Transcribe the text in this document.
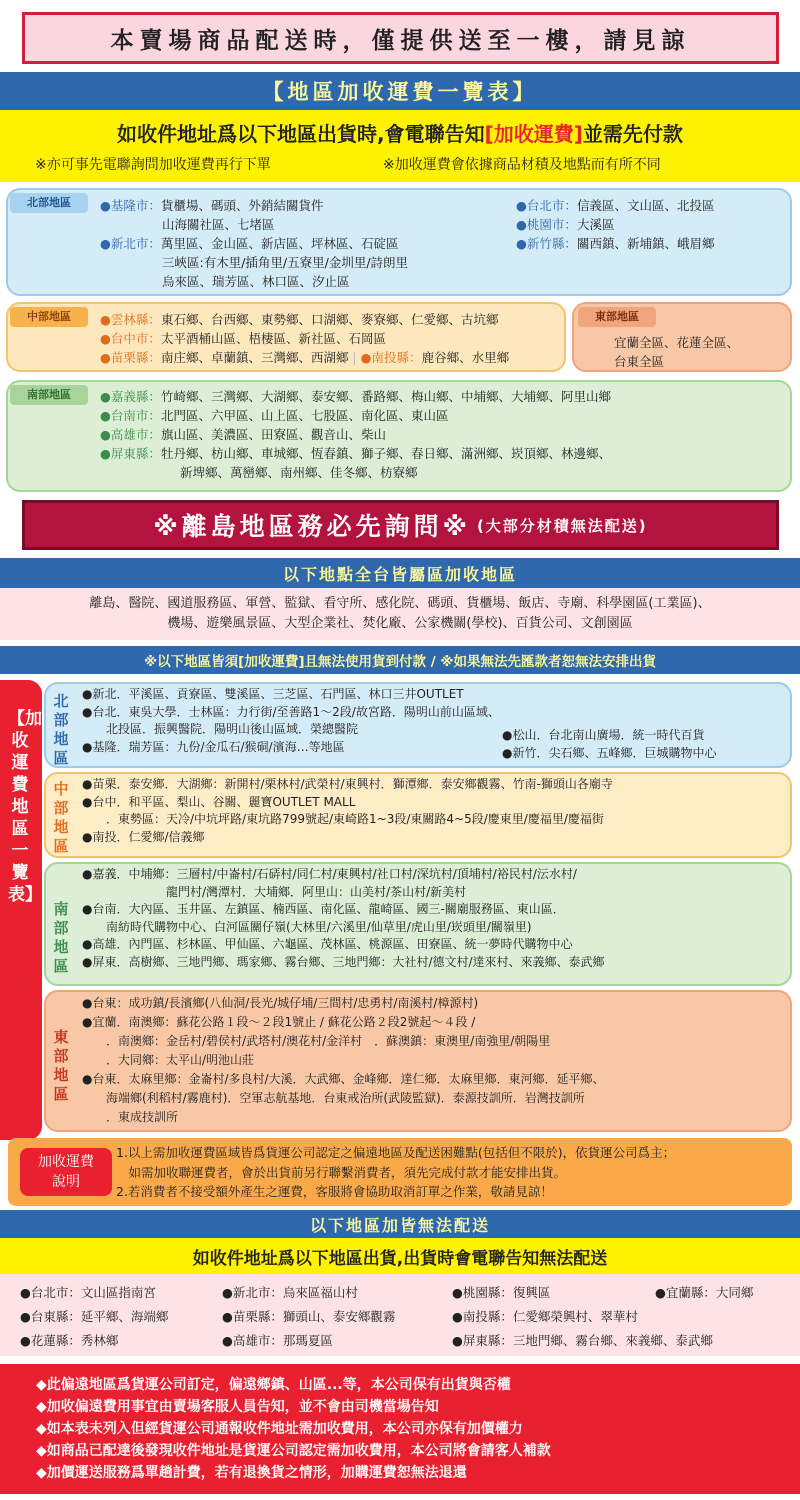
本賣場商品配送時，僅提供送至一樓，請見諒
【地區加收運費一覽表】
如收件地址爲以下地區出貨時,會電聯告知[加收運費]並需先付款
※亦可事先電聯詢問加收運費再行下單	※加收運費會依據商品材積及地點而有所不同
北部地區	●基隆市：貨櫃場、碼頭、外銷結關貨件
山海關社區、七堵區
●新北市：萬里區、金山區、新店區、坪林區、石碇區
三峽區:有木里/插角里/五寮里/金圳里/詩朗里
烏來區、瑞芳區、林口區、汐止區
●台北市：信義區、文山區、北投區
●桃園市：大溪區
●新竹縣：關西鎮、新埔鎮、峨眉鄉
中部地區	●雲林縣：東石鄉、台西鄉、東勢鄉、口湖鄉、麥寮鄉、仁愛鄉、古坑鄉
●台中市：太平酒桶山區、梧棲區、新社區、石岡區
●苗栗縣：南庄鄉、卓蘭鎮、三灣鄉、西湖鄉 | ●南投縣：鹿谷鄉、水里鄉
東部地區
宜蘭全區、花蓮全區、
台東全區
南部地區	●嘉義縣：竹崎鄉、三灣鄉、大湖鄉、泰安鄉、番路鄉、梅山鄉、中埔鄉、大埔鄉、阿里山鄉
●台南市：北門區、六甲區、山上區、七股區、南化區、東山區
●高雄市：旗山區、美濃區、田寮區、觀音山、柴山
●屏東縣：牡丹鄉、枋山鄉、車城鄉、恆春鎮、獅子鄉、春日鄉、滿洲鄉、崁頂鄉、林邊鄉、
新埤鄉、萬巒鄉、南州鄉、佳冬鄉、枋寮鄉
※離島地區務必先詢問※ (大部分材積無法配送)
以下地點全台皆屬區加收地區
離島、醫院、國道服務區、軍營、監獄、看守所、感化院、碼頭、貨櫃場、飯店、寺廟、科學園區(工業區)、
機場、遊樂風景區、大型企業社、焚化廠、公家機關(學校)、百貨公司、文創園區
※以下地區皆須[加收運費]且無法使用貨到付款 / ※如果無法先匯款者恕無法安排出貨
【加收運費地區一覽表】
北部地區
●新北．平溪區、貢寮區、雙溪區、三芝區、石門區、林口三井OUTLET
●台北．東吳大學．士林區：力行街/至善路1～2段/故宮路．陽明山前山區域、
　　北投區．振興醫院．陽明山後山區域．榮總醫院
●基隆．瑞芳區：九份/金瓜石/猴硐/濱海…等地區
●松山．台北南山廣場．統一時代百貨
●新竹．尖石鄉、五峰鄉．巨城購物中心
中部地區
●苗栗．泰安鄉．大湖鄉：新開村/栗林村/武榮村/東興村．獅潭鄉．泰安鄉觀霧、竹南-獅頭山各廟寺
●台中．和平區、梨山、谷關、麗寶OUTLET MALL
　　．東勢區：天冷/中坑坪路/東坑路799號起/東崎路1~3段/東關路4~5段/慶東里/慶福里/慶福街
●南投．仁愛鄉/信義鄉
南部地區
●嘉義．中埔鄉：三層村/中崙村/石硦村/同仁村/東興村/社口村/深坑村/頂埔村/裕民村/沄水村/
　　　　　　　龍門村/灣潭村．大埔鄉．阿里山：山美村/茶山村/新美村
●台南．大內區、玉井區、左鎮區、楠西區、南化區、龍崎區、國三-關廟服務區、東山區．
　　南紡時代購物中心、白河區關仔嶺(大林里/六溪里/仙草里/虎山里/崁頭里/關嶺里)
●高雄．內門區、杉林區、甲仙區、六龜區、茂林區、桃源區、田寮區、統一夢時代購物中心
●屏東．高樹鄉、三地門鄉、瑪家鄉、霧台鄉、三地門鄉：大社村/德文村/達來村、來義鄉、泰武鄉
東部地區
●台東：成功鎮/長濱鄉(八仙洞/長光/城仔埔/三間村/忠勇村/南溪村/樟源村)
●宜蘭．南澳鄉：蘇花公路１段～２段1號止 / 蘇花公路２段2號起～４段 /
　　．南澳鄉：金岳村/碧侯村/武塔村/澳花村/金洋村　．蘇澳鎮：東澳里/南強里/朝陽里
　　．大同鄉：太平山/明池山莊
●台東．太麻里鄉：金崙村/多良村/大溪．大武鄉、金峰鄉．達仁鄉．太麻里鄉．東河鄉．延平鄉、
　　海端鄉(利稻村/霧鹿村)．空軍志航基地．台東戒治所(武陵監獄)．泰源技訓所．岩灣技訓所
　　．東成技訓所
加收運費
說明
1.以上需加收運費區域皆爲貨運公司認定之偏遠地區及配送困難點(包括但不限於)，依貨運公司爲主；
　如需加收聯運費者，會於出貨前另行聯繫消費者，須先完成付款才能安排出貨。
2.若消費者不接受額外產生之運費，客服將會協助取消訂單之作業，敬請見諒！
以下地區加皆無法配送
如收件地址爲以下地區出貨,出貨時會電聯告知無法配送
●台北市：文山區指南宮	●新北市：烏來區福山村	●桃園縣：復興區	●宜蘭縣：大同鄉
●台東縣：延平鄉、海端鄉	●苗栗縣：獅頭山、泰安鄉觀霧	●南投縣：仁愛鄉榮興村、翠華村
●花蓮縣：秀林鄉	●高雄市：那瑪夏區	●屏東縣：三地門鄉、霧台鄉、來義鄉、泰武鄉
◆此偏遠地區爲貨運公司訂定，偏遠鄉鎮、山區...等，本公司保有出貨與否權
◆加收偏遠費用事宜由賣場客服人員告知，並不會由司機當場告知
◆如本表未列入但經貨運公司通報收件地址需加收費用，本公司亦保有加價權力
◆如商品已配達後發現收件地址是貨運公司認定需加收費用，本公司將會請客人補款
◆加價運送服務爲單趟計費，若有退換貨之情形，加購運費恕無法退還
